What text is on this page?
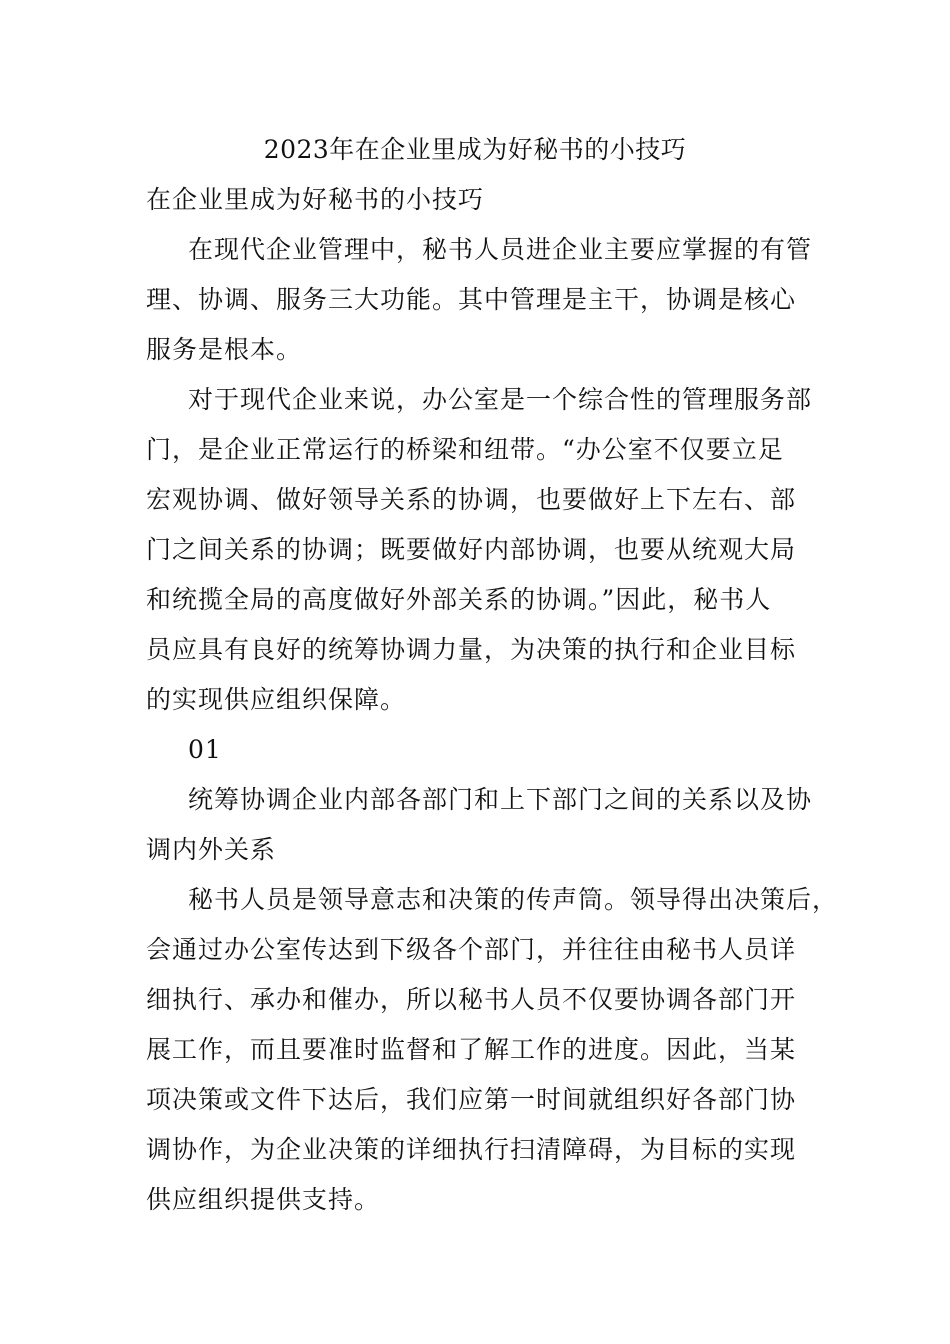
2023年在企业里成为好秘书的小技巧
在企业里成为好秘书的小技巧
在现代企业管理中，秘书人员进企业主要应掌握的有管
理、协调、服务三大功能。其中管理是主干，协调是核心
服务是根本。
对于现代企业来说，办公室是一个综合性的管理服务部
门，是企业正常运行的桥梁和纽带。“办公室不仅要立足
宏观协调、做好领导关系的协调，也要做好上下左右、部
门之间关系的协调；既要做好内部协调，也要从统观大局
和统揽全局的高度做好外部关系的协调。”因此，秘书人
员应具有良好的统筹协调力量，为决策的执行和企业目标
的实现供应组织保障。
01
统筹协调企业内部各部门和上下部门之间的关系以及协
调内外关系
秘书人员是领导意志和决策的传声筒。领导得出决策后，
会通过办公室传达到下级各个部门，并往往由秘书人员详
细执行、承办和催办，所以秘书人员不仅要协调各部门开
展工作，而且要准时监督和了解工作的进度。因此，当某
项决策或文件下达后，我们应第一时间就组织好各部门协
调协作，为企业决策的详细执行扫清障碍，为目标的实现
供应组织提供支持。
